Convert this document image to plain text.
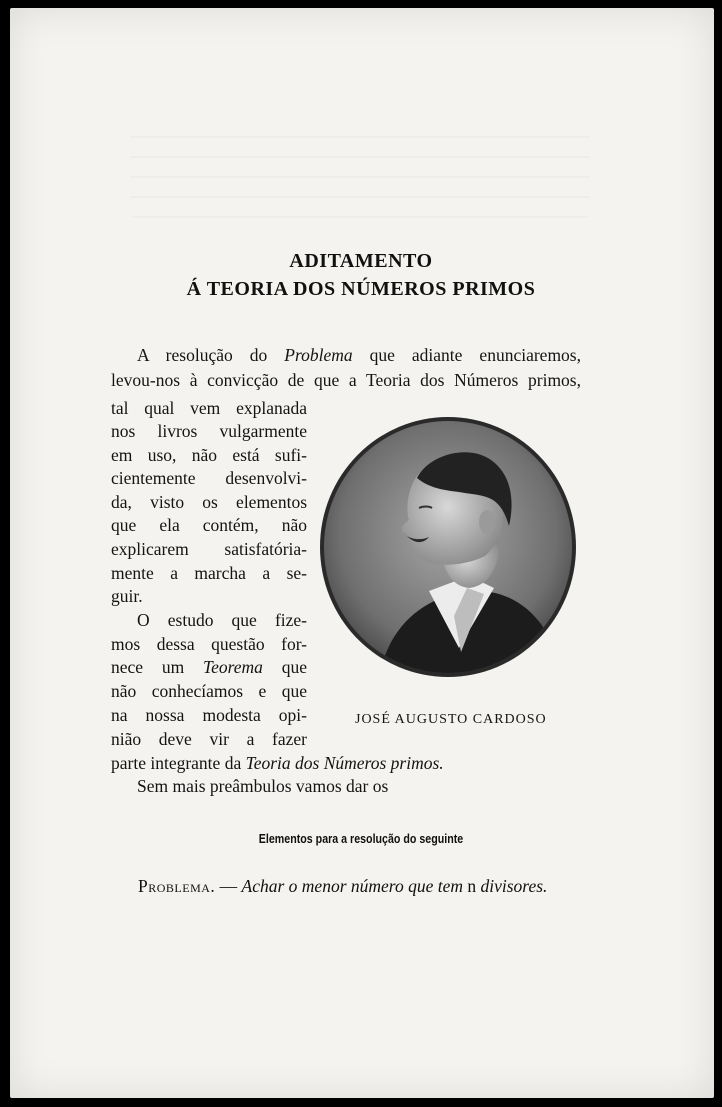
ADITAMENTO
Á TEORIA DOS NÚMEROS PRIMOS

A resolução do Problema que adiante enunciaremos,

levou-nos à convicção de que a Teoria dos Números primos,

tal qual vem explanada

nos livros vulgarmente

em uso, não está sufi-

cientemente desenvolvi-

da, visto os elementos

que ela contém, não

explicarem satisfatória-

mente a marcha a se-

guir.

O estudo que fize-

mos dessa questão for-

nece um Teorema que

não conhecíamos e que

na nossa modesta opi-

nião deve vir a fazer

parte integrante da Teoria dos Números primos.

Sem mais preâmbulos vamos dar os

JOSÉ AUGUSTO CARDOSO

Elementos para a resolução do seguinte

Problema. — Achar o menor número que tem n divisores.
